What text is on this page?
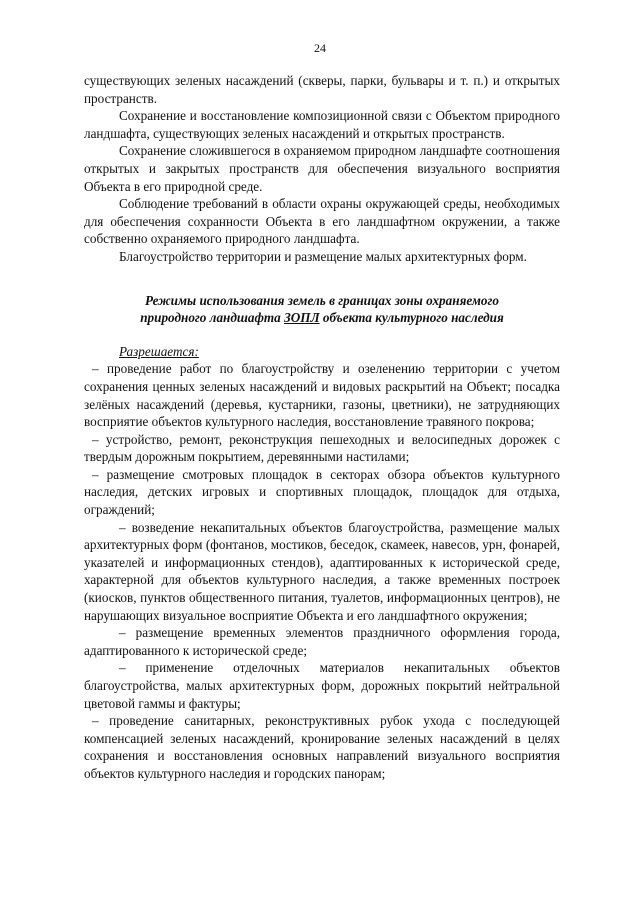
24

существующих зеленых насаждений (скверы, парки, бульвары и т. п.) и открытых пространств.

Сохранение и восстановление композиционной связи с Объектом природного ландшафта, существующих зеленых насаждений и открытых пространств.

Сохранение сложившегося в охраняемом природном ландшафте соотношения открытых и закрытых пространств для обеспечения визуального восприятия Объекта в его природной среде.

Соблюдение требований в области охраны окружающей среды, необходимых для обеспечения сохранности Объекта в его ландшафтном окружении, а также собственно охраняемого природного ландшафта.

Благоустройство территории и размещение малых архитектурных форм.

Режимы использования земель в границах зоны охраняемого
природного ландшафта ЗОПЛ объекта культурного наследия

Разрешается:

– проведение работ по благоустройству и озеленению территории с учетом сохранения ценных зеленых насаждений и видовых раскрытий на Объект; посадка зелёных насаждений (деревья, кустарники, газоны, цветники), не затрудняющих восприятие объектов культурного наследия, восстановление травяного покрова;

– устройство, ремонт, реконструкция пешеходных и велосипедных дорожек с твердым дорожным покрытием, деревянными настилами;

– размещение смотровых площадок в секторах обзора объектов культурного наследия, детских игровых и спортивных площадок, площадок для отдыха, ограждений;

– возведение некапитальных объектов благоустройства, размещение малых архитектурных форм (фонтанов, мостиков, беседок, скамеек, навесов, урн, фонарей, указателей и информационных стендов), адаптированных к исторической среде, характерной для объектов культурного наследия, а также временных построек (киосков, пунктов общественного питания, туалетов, информационных центров), не нарушающих визуальное восприятие Объекта и его ландшафтного окружения;

– размещение временных элементов праздничного оформления города, адаптированного к исторической среде;

– применение отделочных материалов некапитальных объектов благоустройства, малых архитектурных форм, дорожных покрытий нейтральной цветовой гаммы и фактуры;

– проведение санитарных, реконструктивных рубок ухода с последующей компенсацией зеленых насаждений, кронирование зеленых насаждений в целях сохранения и восстановления основных направлений визуального восприятия объектов культурного наследия и городских панорам;
